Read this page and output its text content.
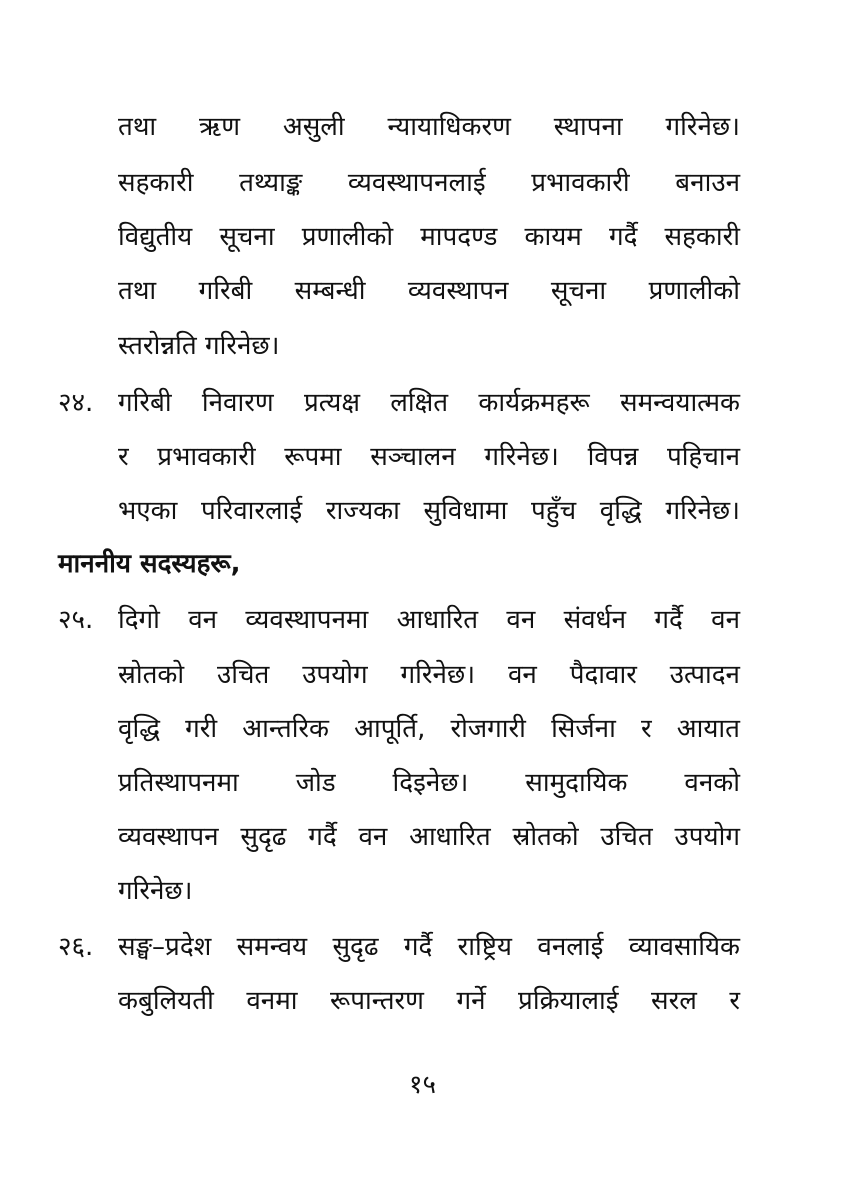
तथा ऋण असुली न्यायाधिकरण स्थापना गरिनेछ।
सहकारी तथ्याङ्क व्यवस्थापनलाई प्रभावकारी बनाउन
विद्युतीय सूचना प्रणालीको मापदण्ड कायम गर्दै सहकारी
तथा गरिबी सम्बन्धी व्यवस्थापन सूचना प्रणालीको
स्तरोन्नति गरिनेछ।
२४. गरिबी निवारण प्रत्यक्ष लक्षित कार्यक्रमहरू समन्वयात्मक
र प्रभावकारी रूपमा सञ्चालन गरिनेछ। विपन्न पहिचान
भएका परिवारलाई राज्यका सुविधामा पहुँच वृद्धि गरिनेछ।
माननीय सदस्यहरू,
२५. दिगो वन व्यवस्थापनमा आधारित वन संवर्धन गर्दै वन
स्रोतको उचित उपयोग गरिनेछ। वन पैदावार उत्पादन
वृद्धि गरी आन्तरिक आपूर्ति, रोजगारी सिर्जना र आयात
प्रतिस्थापनमा जोड दिइनेछ। सामुदायिक वनको
व्यवस्थापन सुदृढ गर्दै वन आधारित स्रोतको उचित उपयोग
गरिनेछ।
२६. सङ्घ–प्रदेश समन्वय सुदृढ गर्दै राष्ट्रिय वनलाई व्यावसायिक
कबुलियती वनमा रूपान्तरण गर्ने प्रक्रियालाई सरल र
१५
